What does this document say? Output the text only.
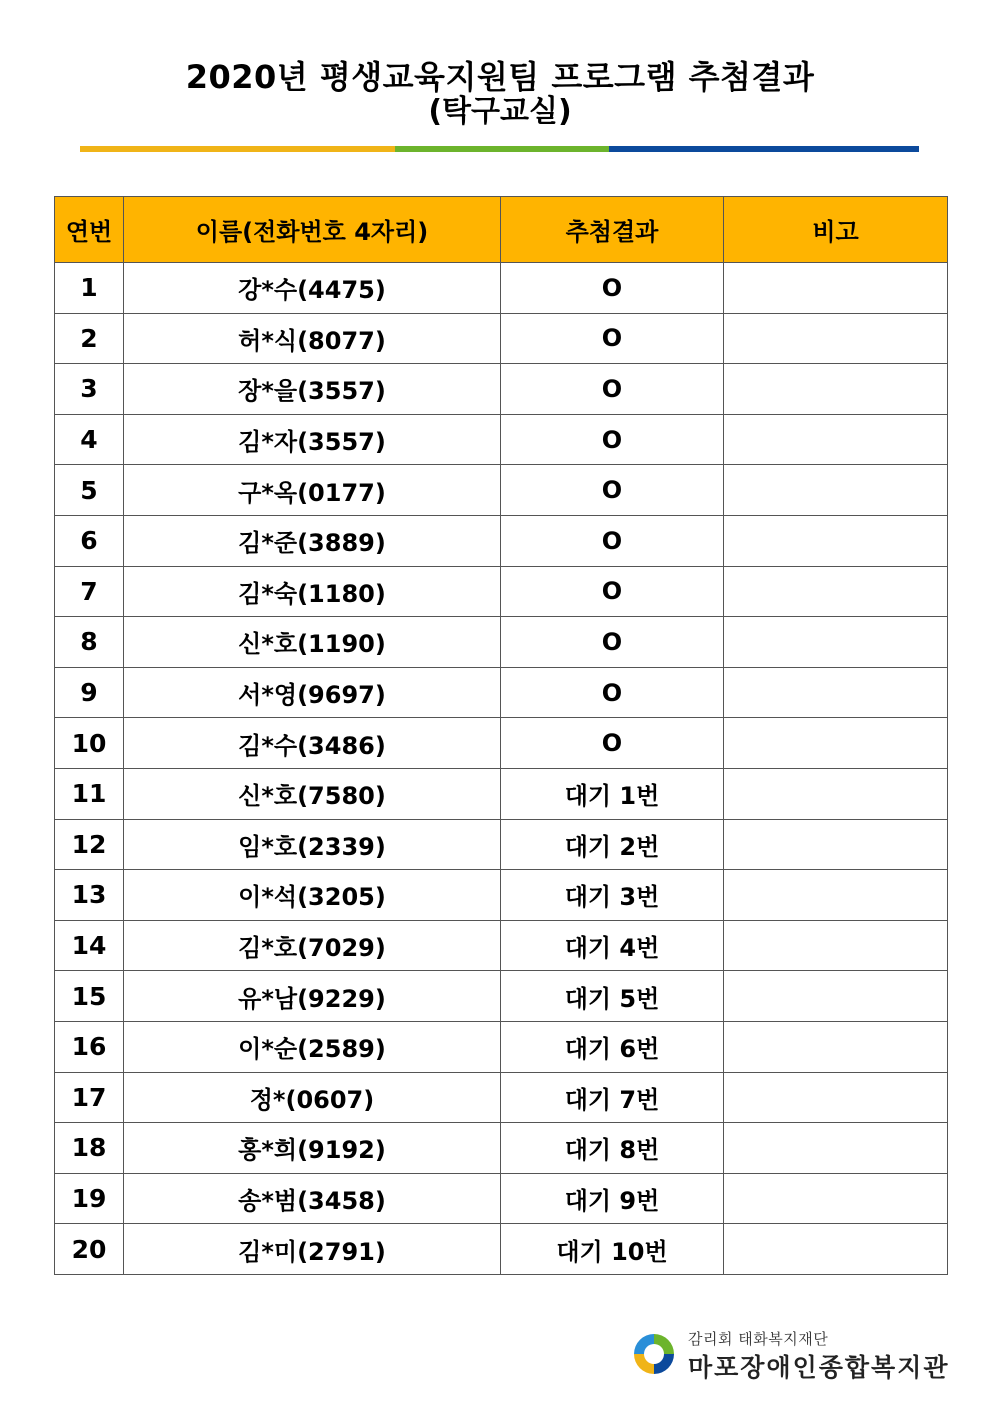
2020년 평생교육지원팀 프로그램 추첨결과
(탁구교실)
연번	이름(전화번호 4자리)	추첨결과	비고
1	강*수(4475)	O	
2	허*식(8077)	O	
3	장*을(3557)	O	
4	김*자(3557)	O	
5	구*옥(0177)	O	
6	김*준(3889)	O	
7	김*숙(1180)	O	
8	신*호(1190)	O	
9	서*영(9697)	O	
10	김*수(3486)	O	
11	신*호(7580)	대기 1번	
12	임*호(2339)	대기 2번	
13	이*석(3205)	대기 3번	
14	김*호(7029)	대기 4번	
15	유*남(9229)	대기 5번	
16	이*순(2589)	대기 6번	
17	정*(0607)	대기 7번	
18	홍*희(9192)	대기 8번	
19	송*범(3458)	대기 9번	
20	김*미(2791)	대기 10번	
감리회 태화복지재단
마포장애인종합복지관
